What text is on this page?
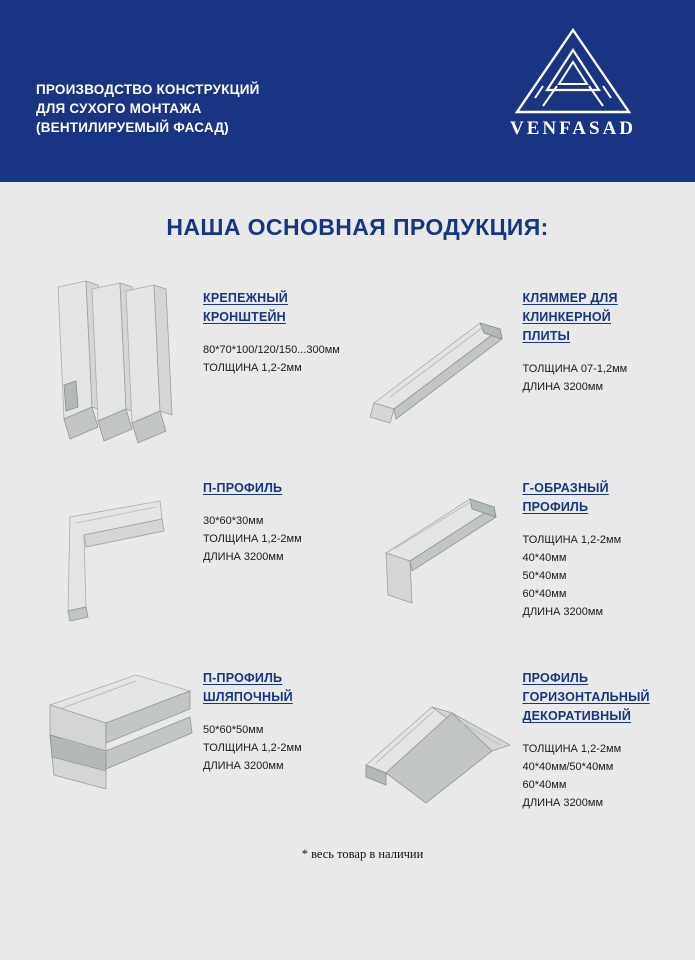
ПРОИЗВОДСТВО КОНСТРУКЦИЙ
ДЛЯ СУХОГО МОНТАЖА
(ВЕНТИЛИРУЕМЫЙ ФАСАД)	VENFASAD
НАША ОСНОВНАЯ ПРОДУКЦИЯ:
КРЕПЕЖНЫЙ
КРОНШТЕЙН
80*70*100/120/150...300мм
ТОЛЩИНА 1,2-2мм
КЛЯММЕР ДЛЯ
КЛИНКЕРНОЙ
ПЛИТЫ
ТОЛЩИНА 07-1,2мм
ДЛИНА 3200мм
П-ПРОФИЛЬ
30*60*30мм
ТОЛЩИНА 1,2-2мм
ДЛИНА 3200мм
Г-ОБРАЗНЫЙ
ПРОФИЛЬ
ТОЛЩИНА 1,2-2мм
40*40мм
50*40мм
60*40мм
ДЛИНА 3200мм
П-ПРОФИЛЬ
ШЛЯПОЧНЫЙ
50*60*50мм
ТОЛЩИНА 1,2-2мм
ДЛИНА 3200мм
ПРОФИЛЬ
ГОРИЗОНТАЛЬНЫЙ
ДЕКОРАТИВНЫЙ
ТОЛЩИНА 1,2-2мм
40*40мм/50*40мм
60*40мм
ДЛИНА 3200мм
* весь товар в наличии
